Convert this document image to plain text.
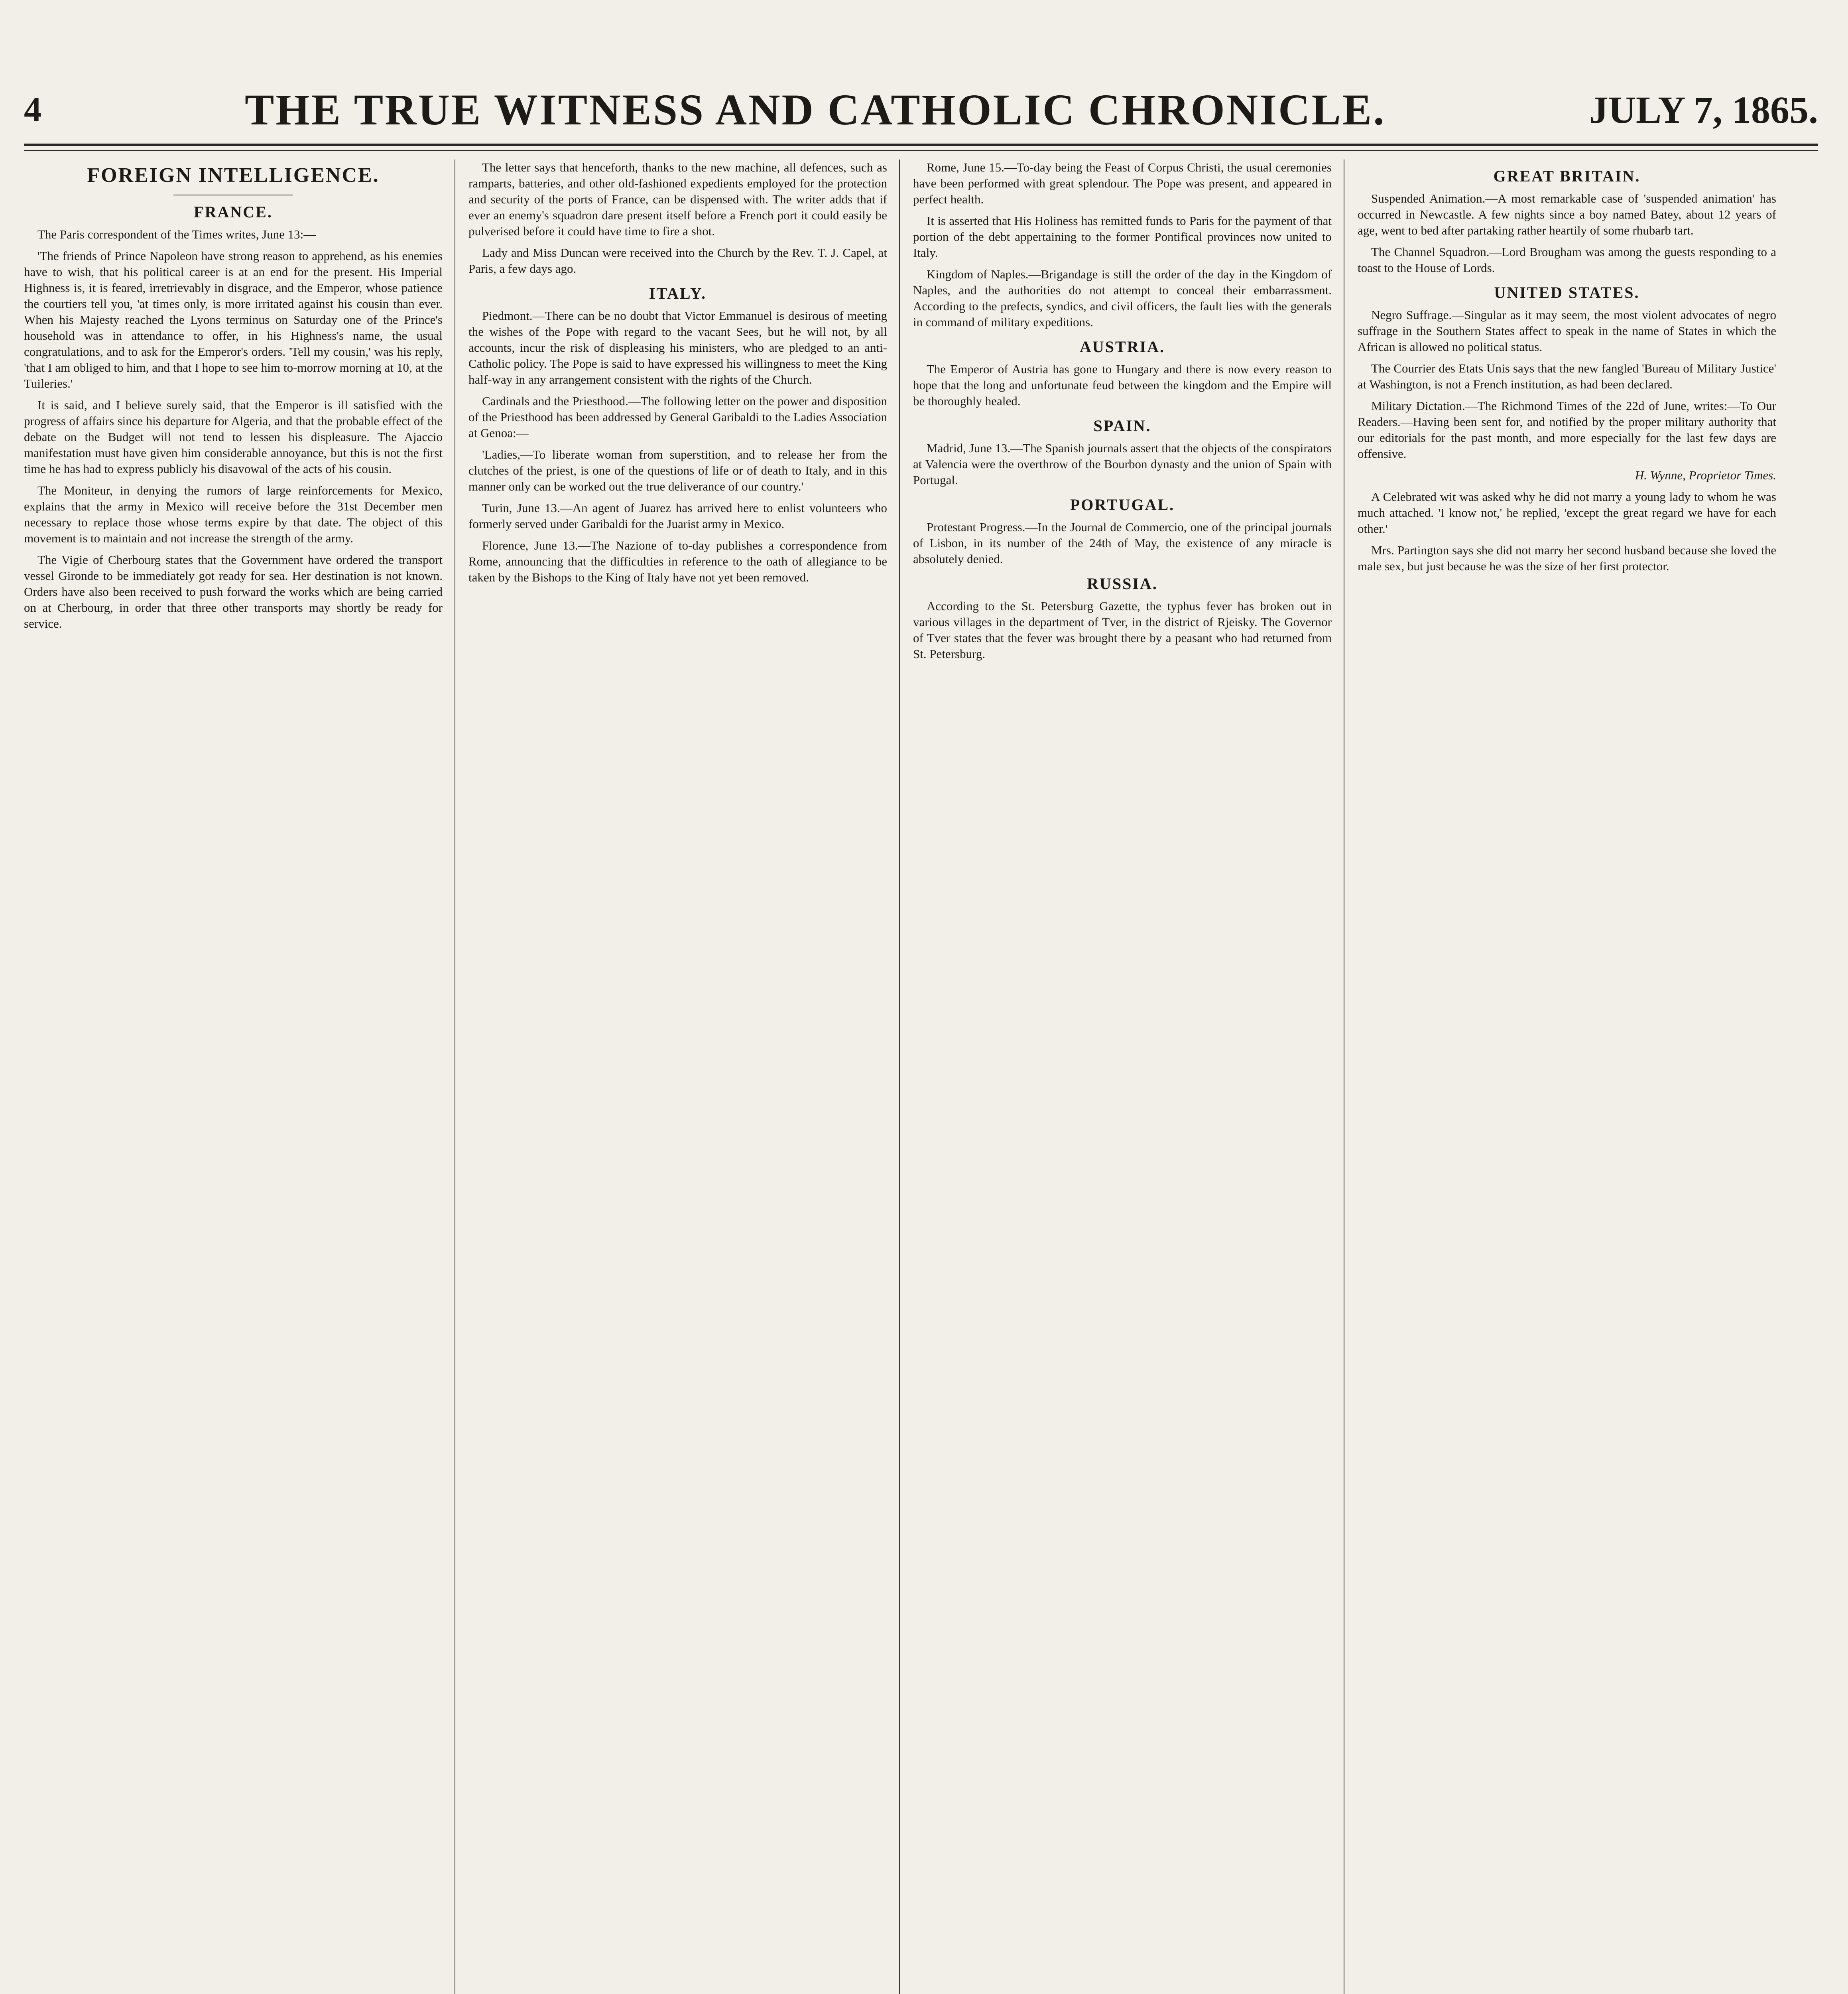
4	THE TRUE WITNESS AND CATHOLIC CHRONICLE.	JULY 7, 1865.
FOREIGN INTELLIGENCE.
FRANCE.

The Paris correspondent of the Times writes, June 13:—

'The friends of Prince Napoleon have strong reason to apprehend, as his enemies have to wish, that his political career is at an end for the present. His Imperial Highness is, it is feared, irretrievably in disgrace, and the Emperor, whose patience the courtiers tell you, 'at times only, is more irritated against his cousin than ever. When his Majesty reached the Lyons terminus on Saturday one of the Prince's household was in attendance to offer, in his Highness's name, the usual congratulations, and to ask for the Emperor's orders. 'Tell my cousin,' was his reply, 'that I am obliged to him, and that I hope to see him to-morrow morning at 10, at the Tuileries.'

It is said, and I believe surely said, that the Emperor is ill satisfied with the progress of affairs since his departure for Algeria, and that the probable effect of the debate on the Budget will not tend to lessen his displeasure. The Ajaccio manifestation must have given him considerable annoyance, but this is not the first time he has had to express publicly his disavowal of the acts of his cousin.

The Moniteur, in denying the rumors of large reinforcements for Mexico, explains that the army in Mexico will receive before the 31st December men necessary to replace those whose terms expire by that date. The object of this movement is to maintain and not increase the strength of the army.

The Vigie of Cherbourg states that the Government have ordered the transport vessel Gironde to be immediately got ready for sea. Her destination is not known. Orders have also been received to push forward the works which are being carried on at Cherbourg, in order that three other transports may shortly be ready for service.

The letter says that henceforth, thanks to the new machine, all defences, such as ramparts, batteries, and other old-fashioned expedients employed for the protection and security of the ports of France, can be dispensed with. The writer adds that if ever an enemy's squadron dare present itself before a French port it could easily be pulverised before it could have time to fire a shot.

Lady and Miss Duncan were received into the Church by the Rev. T. J. Capel, at Paris, a few days ago.

ITALY.

Piedmont.—There can be no doubt that Victor Emmanuel is desirous of meeting the wishes of the Pope with regard to the vacant Sees, but he will not, by all accounts, incur the risk of displeasing his ministers, who are pledged to an anti-Catholic policy. The Pope is said to have expressed his willingness to meet the King half-way in any arrangement consistent with the rights of the Church.

Cardinals and the Priesthood.—The following letter on the power and disposition of the Priesthood has been addressed by General Garibaldi to the Ladies Association at Genoa:—

'Ladies,—To liberate woman from superstition, and to release her from the clutches of the priest, is one of the questions of life or of death to Italy, and in this manner only can be worked out the true deliverance of our country.'

Turin, June 13.—An agent of Juarez has arrived here to enlist volunteers who formerly served under Garibaldi for the Juarist army in Mexico.

Florence, June 13.—The Nazione of to-day publishes a correspondence from Rome, announcing that the difficulties in reference to the oath of allegiance to be taken by the Bishops to the King of Italy have not yet been removed.

Rome, June 15.—To-day being the Feast of Corpus Christi, the usual ceremonies have been performed with great splendour. The Pope was present, and appeared in perfect health.

It is asserted that His Holiness has remitted funds to Paris for the payment of that portion of the debt appertaining to the former Pontifical provinces now united to Italy.

Kingdom of Naples.—Brigandage is still the order of the day in the Kingdom of Naples, and the authorities do not attempt to conceal their embarrassment. According to the prefects, syndics, and civil officers, the fault lies with the generals in command of military expeditions.

AUSTRIA.

The Emperor of Austria has gone to Hungary and there is now every reason to hope that the long and unfortunate feud between the kingdom and the Empire will be thoroughly healed.

SPAIN.

Madrid, June 13.—The Spanish journals assert that the objects of the conspirators at Valencia were the overthrow of the Bourbon dynasty and the union of Spain with Portugal.

PORTUGAL.

Protestant Progress.—In the Journal de Commercio, one of the principal journals of Lisbon, in its number of the 24th of May, the existence of any miracle is absolutely denied.

RUSSIA.

According to the St. Petersburg Gazette, the typhus fever has broken out in various villages in the department of Tver, in the district of Rjeisky. The Governor of Tver states that the fever was brought there by a peasant who had returned from St. Petersburg.

GREAT BRITAIN.

Suspended Animation.—A most remarkable case of 'suspended animation' has occurred in Newcastle. A few nights since a boy named Batey, about 12 years of age, went to bed after partaking rather heartily of some rhubarb tart.

The Channel Squadron.—Lord Brougham was among the guests responding to a toast to the House of Lords.

UNITED STATES.

Negro Suffrage.—Singular as it may seem, the most violent advocates of negro suffrage in the Southern States affect to speak in the name of States in which the African is allowed no political status.

The Courrier des Etats Unis says that the new fangled 'Bureau of Military Justice' at Washington, is not a French institution, as had been declared.

Military Dictation.—The Richmond Times of the 22d of June, writes:—To Our Readers.—Having been sent for, and notified by the proper military authority that our editorials for the past month, and more especially for the last few days are offensive.

H. Wynne, Proprietor Times.

A Celebrated wit was asked why he did not marry a young lady to whom he was much attached. 'I know not,' he replied, 'except the great regard we have for each other.'

Mrs. Partington says she did not marry her second husband because she loved the male sex, but just because he was the size of her first protector.
